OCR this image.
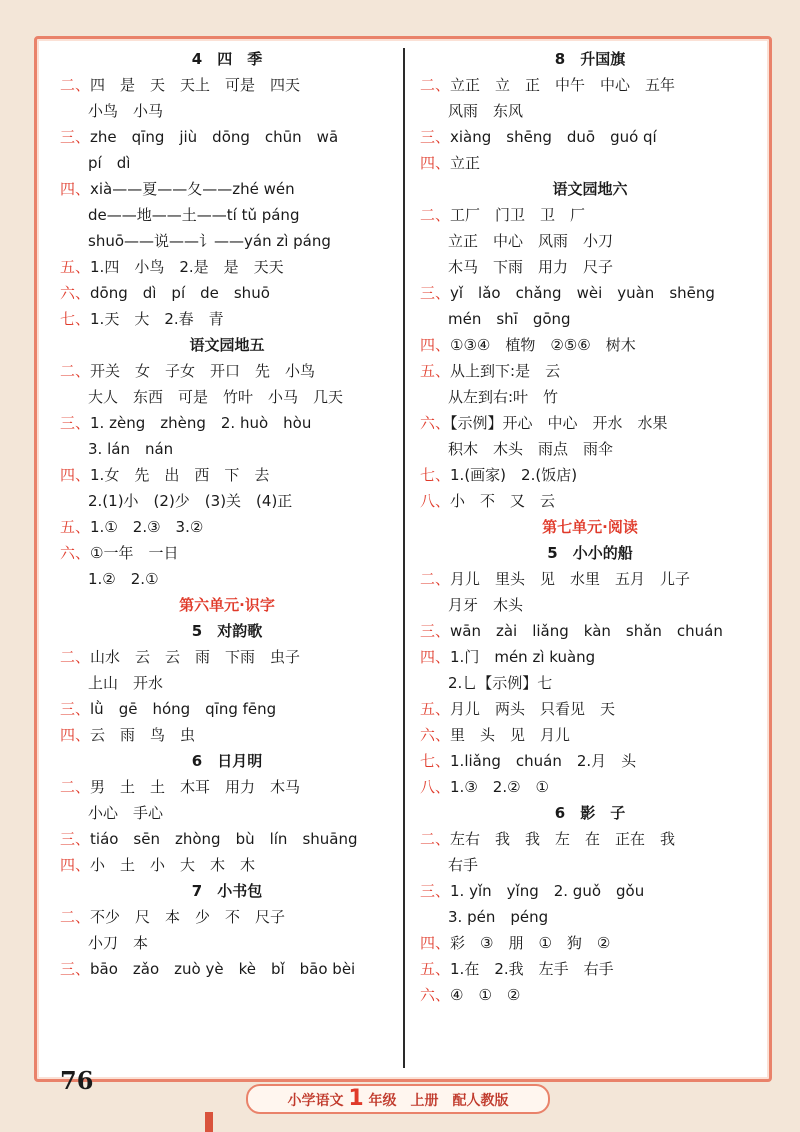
4　四　季
二、四　是　天　天上　可是　四天
小鸟　小马
三、zhe　qīng　jiù　dōng　chūn　wā
pí　dì
四、xià——夏——夂——zhé wén
de——地——土——tí tǔ páng
shuō——说——讠——yán zì páng
五、1.四　小鸟　2.是　是　天天
六、dōng　dì　pí　de　shuō
七、1.天　大　2.春　青
语文园地五
二、开关　女　子女　开口　先　小鸟
大人　东西　可是　竹叶　小马　几天
三、1. zèng　zhèng　2. huò　hòu
3. lán　nán
四、1.女　先　出　西　下　去
2.(1)小　(2)少　(3)关　(4)正
五、1.①　2.③　3.②
六、①一年　一日
1.②　2.①
第六单元·识字
5　对韵歌
二、山水　云　云　雨　下雨　虫子
上山　开水
三、lǜ　gē　hóng　qīng fēng
四、云　雨　鸟　虫
6　日月明
二、男　土　土　木耳　用力　木马
小心　手心
三、tiáo　sēn　zhòng　bù　lín　shuāng
四、小　土　小　大　木　木
7　小书包
二、不少　尺　本　少　不　尺子
小刀　本
三、bāo　zǎo　zuò yè　kè　bǐ　bāo bèi
8　升国旗
二、立正　立　正　中午　中心　五年
风雨　东风
三、xiàng　shēng　duō　guó qí
四、立正
语文园地六
二、工厂　门卫　卫　厂
立正　中心　风雨　小刀
木马　下雨　用力　尺子
三、yǐ　lǎo　chǎng　wèi　yuàn　shēng
mén　shī　gōng
四、①③④　植物　②⑤⑥　树木
五、从上到下:是　云
从左到右:叶　竹
六、【示例】开心　中心　开水　水果
积木　木头　雨点　雨伞
七、1.(画家)　2.(饭店)
八、小　不　又　云
第七单元·阅读
5　小小的船
二、月儿　里头　见　水里　五月　儿子
月牙　木头
三、wān　zài　liǎng　kàn　shǎn　chuán
四、1.门　mén zì kuàng
2.乚【示例】七
五、月儿　两头　只看见　天
六、里　头　见　月儿
七、1.liǎng　chuán　2.月　头
八、1.③　2.②　①
6　影　子
二、左右　我　我　左　在　正在　我
右手
三、1. yǐn　yǐng　2. guǒ　gǒu
3. pén　péng
四、彩　③　朋　①　狗　②
五、1.在　2.我　左手　右手
六、④　①　②
76
小学语文 1 年级　上册　配人教版
